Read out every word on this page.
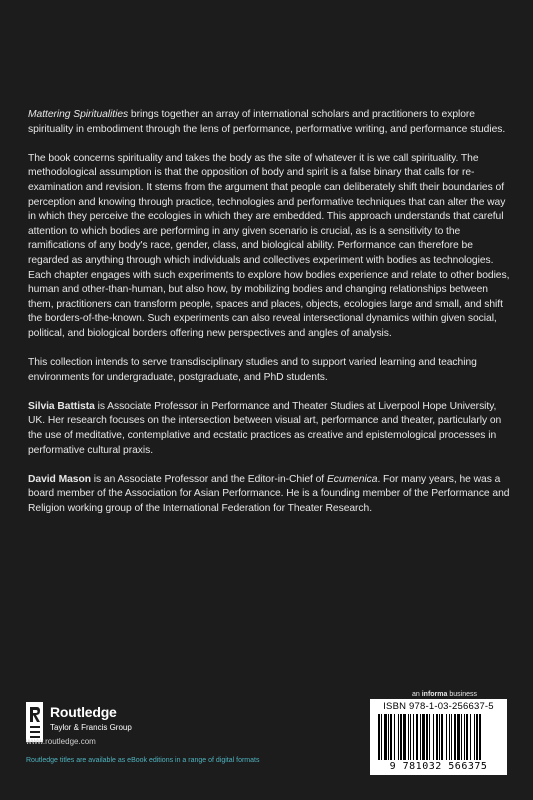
Mattering Spiritualities brings together an array of international scholars and practitioners to explore spirituality in embodiment through the lens of performance, performative writing, and performance studies.

The book concerns spirituality and takes the body as the site of whatever it is we call spirituality. The methodological assumption is that the opposition of body and spirit is a false binary that calls for re-examination and revision. It stems from the argument that people can deliberately shift their boundaries of perception and knowing through practice, technologies and performative techniques that can alter the way in which they perceive the ecologies in which they are embedded. This approach understands that careful attention to which bodies are performing in any given scenario is crucial, as is a sensitivity to the ramifications of any body's race, gender, class, and biological ability. Performance can therefore be regarded as anything through which individuals and collectives experiment with bodies as technologies. Each chapter engages with such experiments to explore how bodies experience and relate to other bodies, human and other-than-human, but also how, by mobilizing bodies and changing relationships between them, practitioners can transform people, spaces and places, objects, ecologies large and small, and shift the borders-of-the-known. Such experiments can also reveal intersectional dynamics within given social, political, and biological borders offering new perspectives and angles of analysis.

This collection intends to serve transdisciplinary studies and to support varied learning and teaching environments for undergraduate, postgraduate, and PhD students.

Silvia Battista is Associate Professor in Performance and Theater Studies at Liverpool Hope University, UK. Her research focuses on the intersection between visual art, performance and theater, particularly on the use of meditative, contemplative and ecstatic practices as creative and epistemological processes in performative cultural praxis.

David Mason is an Associate Professor and the Editor-in-Chief of Ecumenica. For many years, he was a board member of the Association for Asian Performance. He is a founding member of the Performance and Religion working group of the International Federation for Theater Research.

Routledge
Taylor & Francis Group
www.routledge.com
Routledge titles are available as eBook editions in a range of digital formats
an informa business
ISBN 978-1-03-256637-5
9 781032 566375
